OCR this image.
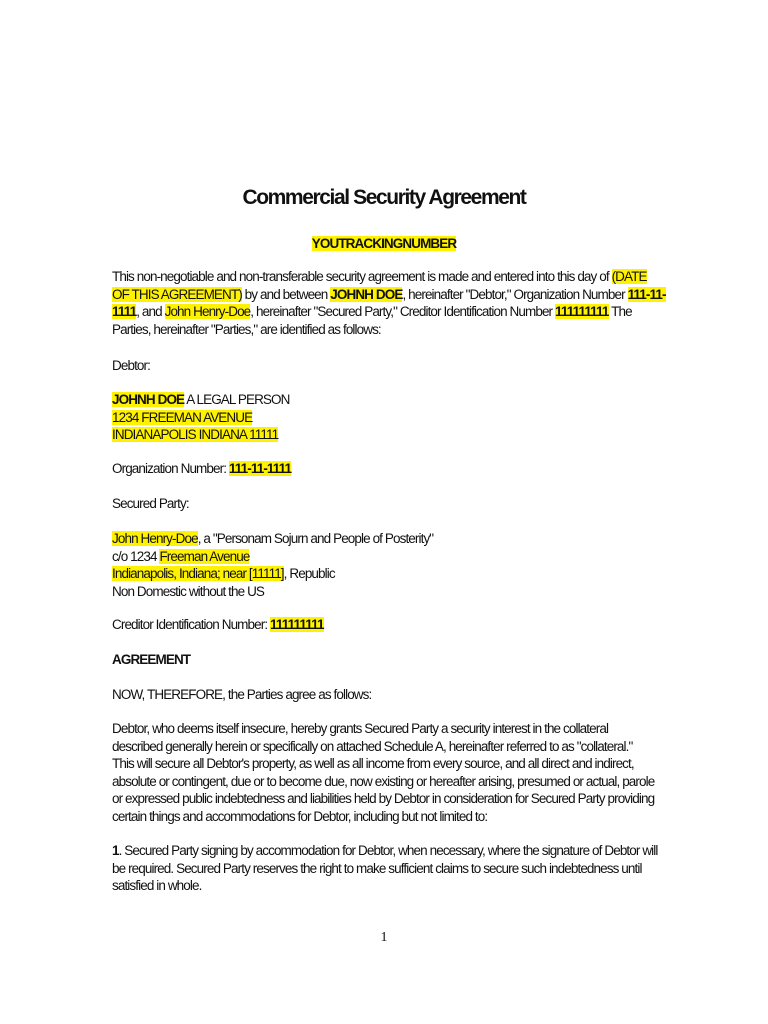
Commercial Security Agreement
YOUTRACKINGNUMBER

This non-negotiable and non-transferable security agreement is made and entered into this day of (DATE
OF THIS AGREEMENT) by and between JOHNH DOE, hereinafter "Debtor," Organization Number 111-11-
1111, and John Henry-Doe, hereinafter "Secured Party," Creditor Identification Number 111111111 The
Parties, hereinafter "Parties," are identified as follows:

Debtor:

JOHNH DOE A LEGAL PERSON
1234 FREEMAN AVENUE
INDIANAPOLIS INDIANA 11111

Organization Number: 111-11-1111

Secured Party:

John Henry-Doe, a "Personam Sojurn and People of Posterity"
c/o 1234 Freeman Avenue
Indianapolis, Indiana; near [11111], Republic
Non Domestic without the US

Creditor Identification Number: 111111111

AGREEMENT

NOW, THEREFORE, the Parties agree as follows:

Debtor, who deems itself insecure, hereby grants Secured Party a security interest in the collateral
described generally herein or specifically on attached Schedule A, hereinafter referred to as "collateral."
This will secure all Debtor's property, as well as all income from every source, and all direct and indirect,
absolute or contingent, due or to become due, now existing or hereafter arising, presumed or actual, parole
or expressed public indebtedness and liabilities held by Debtor in consideration for Secured Party providing
certain things and accommodations for Debtor, including but not limited to:

1. Secured Party signing by accommodation for Debtor, when necessary, where the signature of Debtor will
be required. Secured Party reserves the right to make sufficient claims to secure such indebtedness until
satisfied in whole.

1
